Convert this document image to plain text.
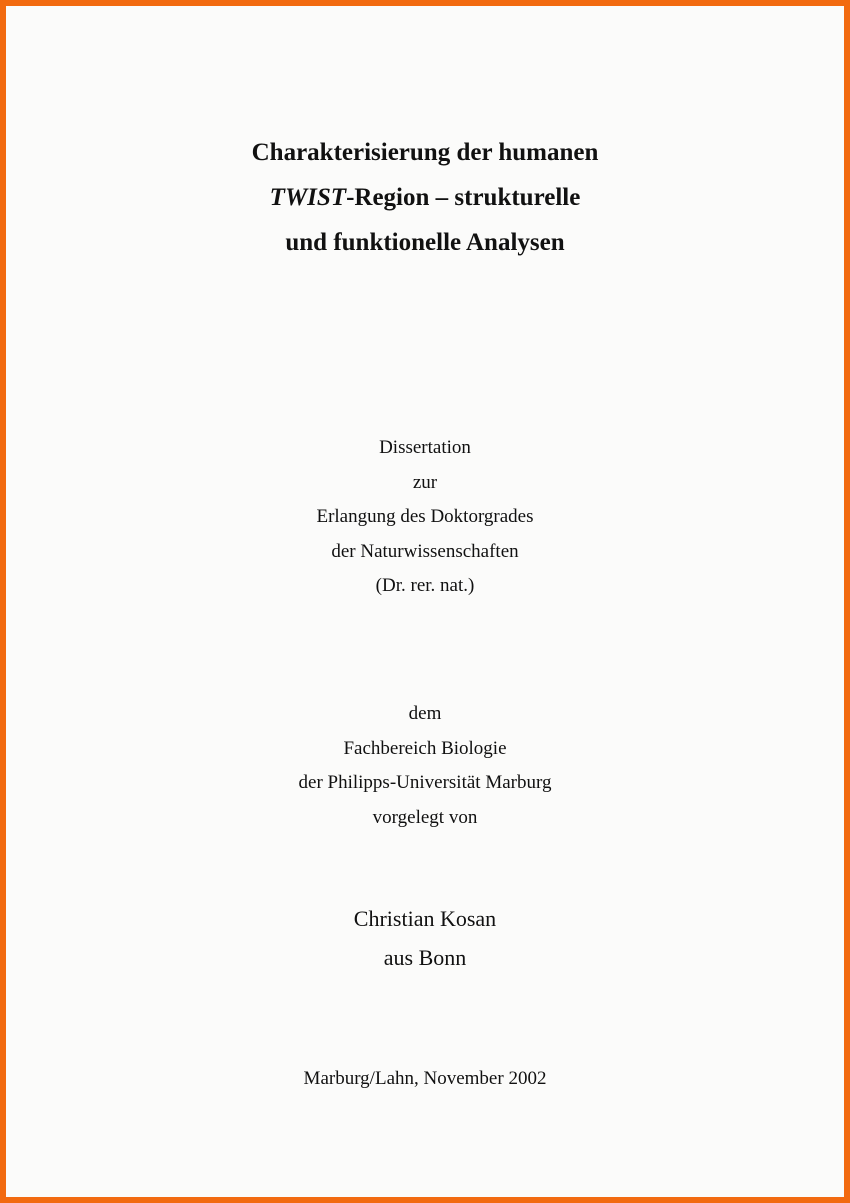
Charakterisierung der humanen
TWIST-Region – strukturelle
und funktionelle Analysen
Dissertation
zur
Erlangung des Doktorgrades
der Naturwissenschaften
(Dr. rer. nat.)
dem
Fachbereich Biologie
der Philipps-Universität Marburg
vorgelegt von
Christian Kosan
aus Bonn
Marburg/Lahn, November 2002
